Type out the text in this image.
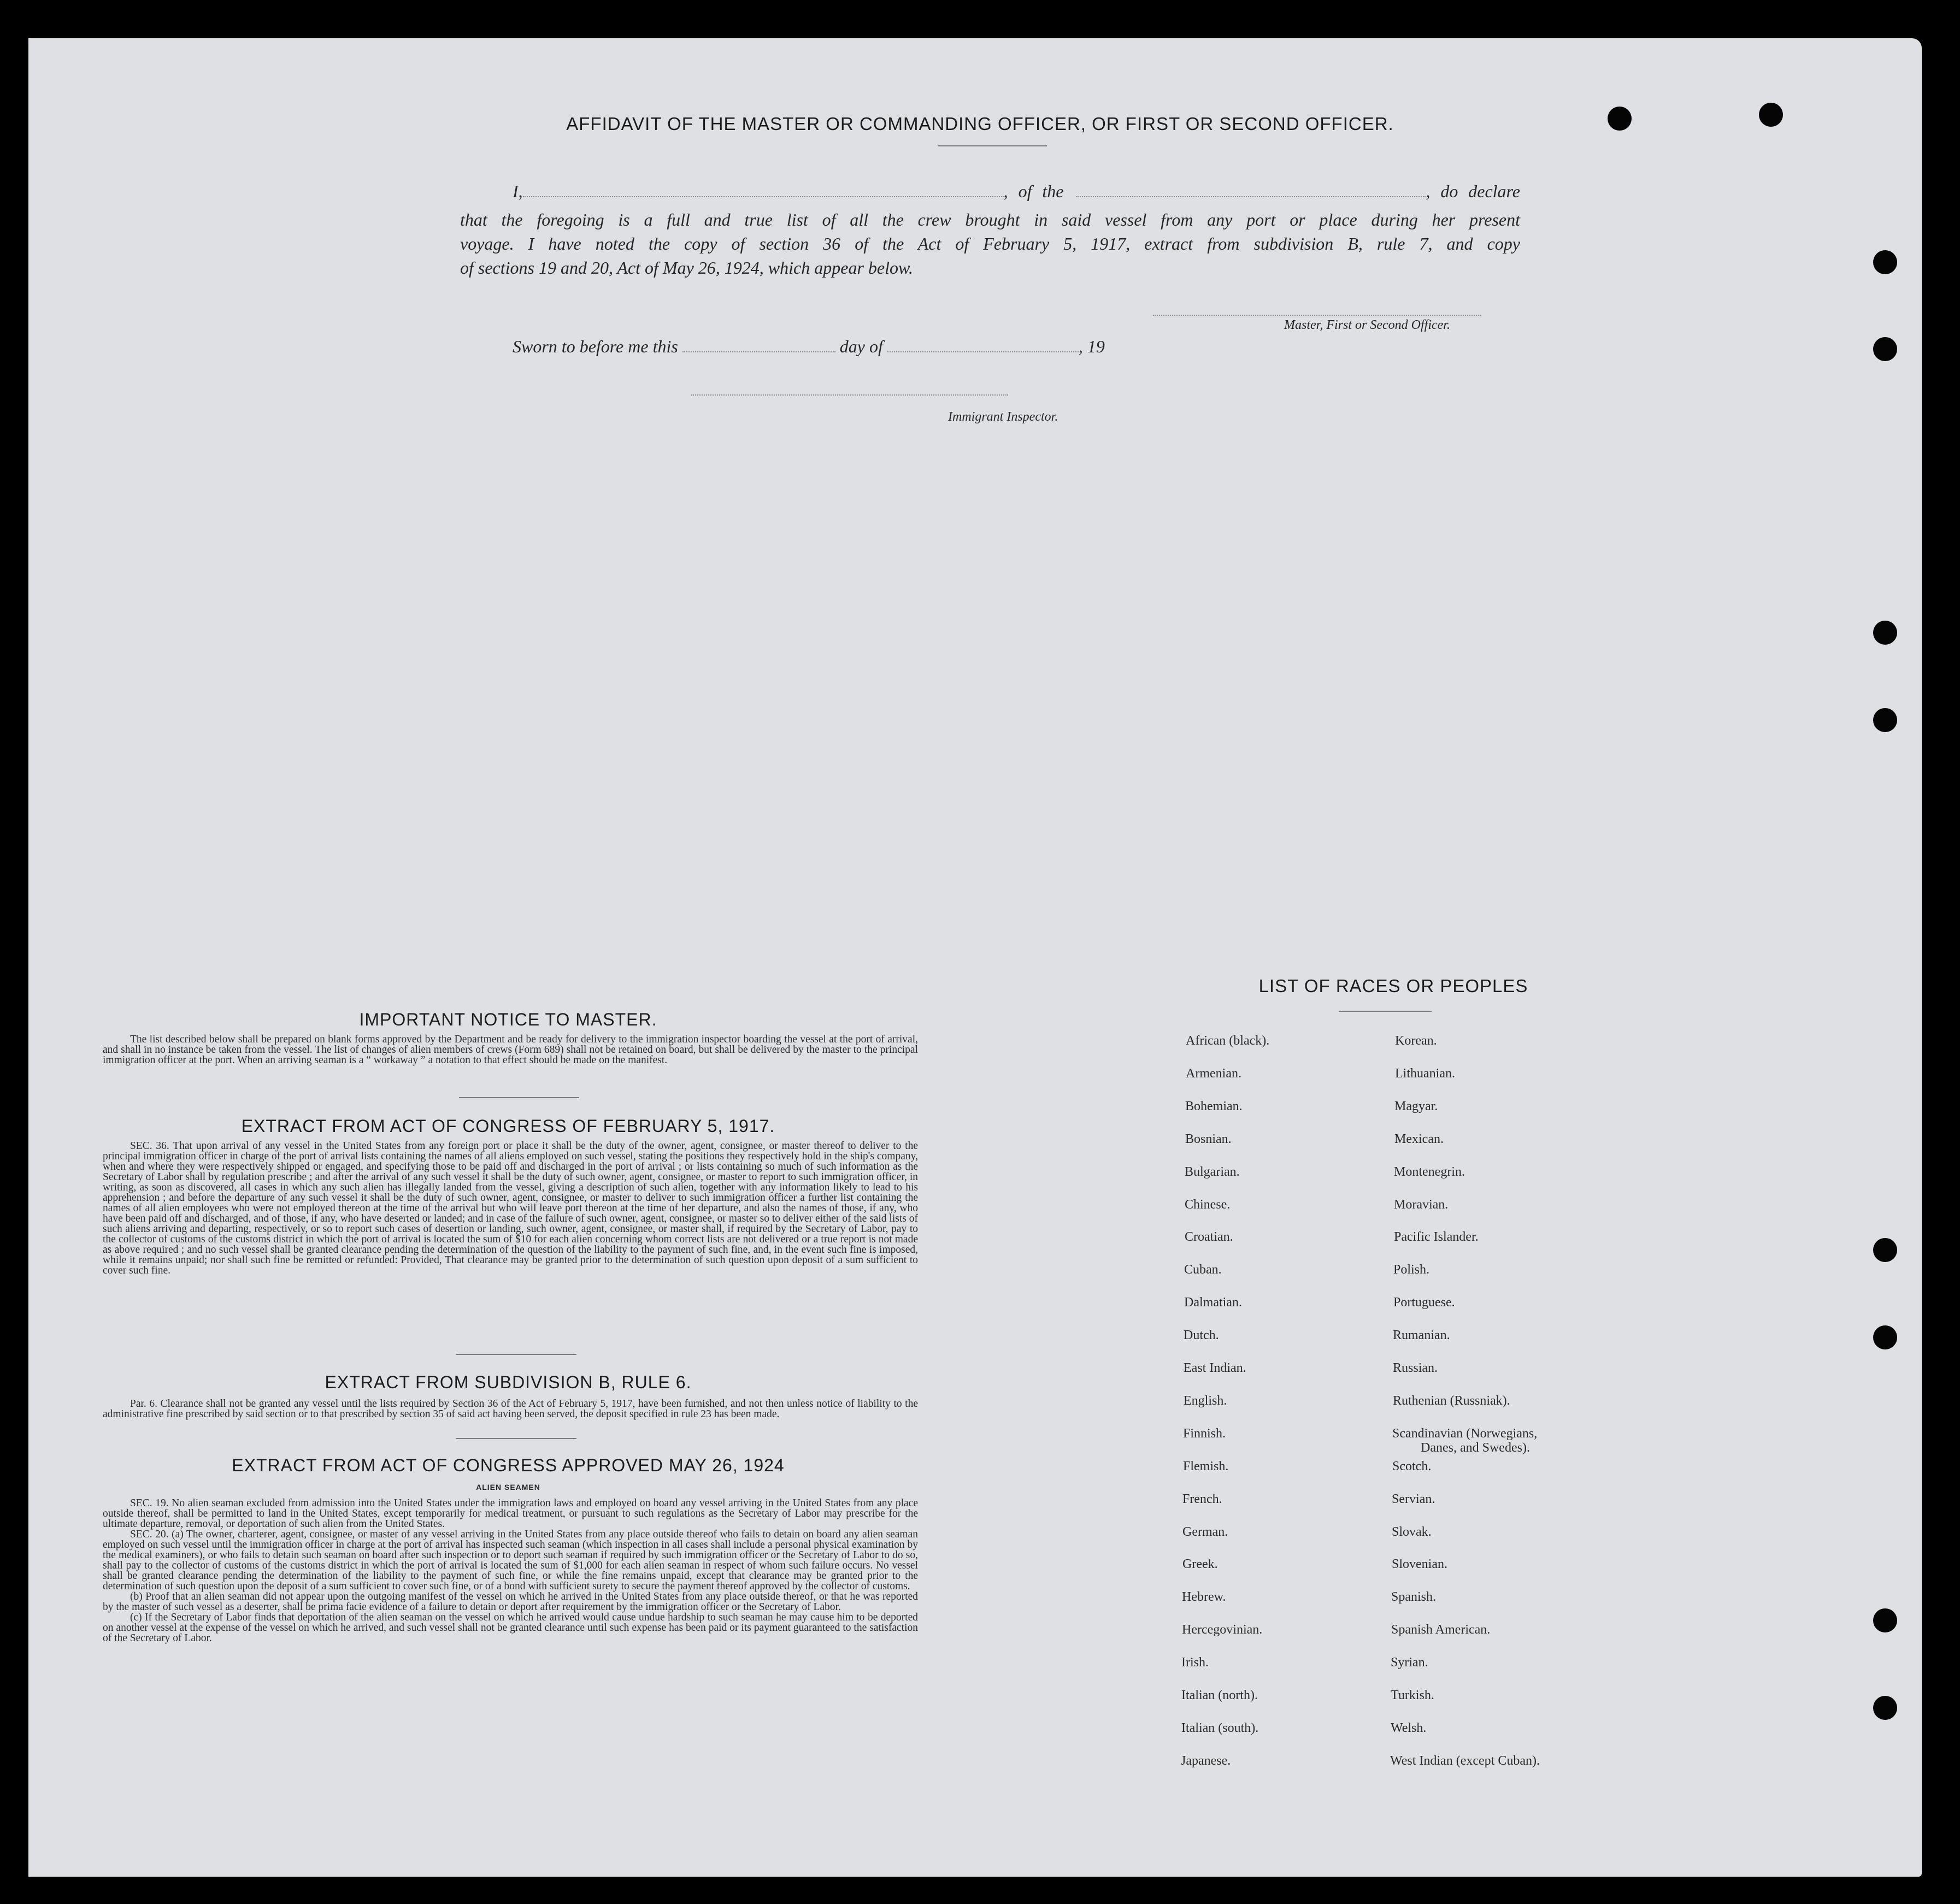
AFFIDAVIT OF THE MASTER OR COMMANDING OFFICER, OR FIRST OR SECOND OFFICER.
I,	, of the	, do declare
that the foregoing is a full and true list of all the crew brought in said vessel from any port or place during her present
voyage. I have noted the copy of section 36 of the Act of February 5, 1917, extract from subdivision B, rule 7, and copy
of sections 19 and 20, Act of May 26, 1924, which appear below.
Master, First or Second Officer.
Sworn to before me this	day of	, 19
Immigrant Inspector.
IMPORTANT NOTICE TO MASTER.

The list described below shall be prepared on blank forms approved by the Department and be ready for delivery to the immigration inspector boarding the vessel at the port of arrival, and shall in no instance be taken from the vessel. The list of changes of alien members of crews (Form 689) shall not be retained on board, but shall be delivered by the master to the principal immigration officer at the port. When an arriving seaman is a “ workaway ” a notation to that effect should be made on the manifest.

EXTRACT FROM ACT OF CONGRESS OF FEBRUARY 5, 1917.

SEC. 36. That upon arrival of any vessel in the United States from any foreign port or place it shall be the duty of the owner, agent, consignee, or master thereof to deliver to the principal immigration officer in charge of the port of arrival lists containing the names of all aliens employed on such vessel, stating the positions they respectively hold in the ship's company, when and where they were respectively shipped or engaged, and specifying those to be paid off and discharged in the port of arrival ; or lists containing so much of such information as the Secretary of Labor shall by regulation prescribe ; and after the arrival of any such vessel it shall be the duty of such owner, agent, consignee, or master to report to such immigration officer, in writing, as soon as discovered, all cases in which any such alien has illegally landed from the vessel, giving a description of such alien, together with any information likely to lead to his apprehension ; and before the departure of any such vessel it shall be the duty of such owner, agent, consignee, or master to deliver to such immigration officer a further list containing the names of all alien employees who were not employed thereon at the time of the arrival but who will leave port thereon at the time of her departure, and also the names of those, if any, who have been paid off and discharged, and of those, if any, who have deserted or landed; and in case of the failure of such owner, agent, consignee, or master so to deliver either of the said lists of such aliens arriving and departing, respectively, or so to report such cases of desertion or landing, such owner, agent, consignee, or master shall, if required by the Secretary of Labor, pay to the collector of customs of the customs district in which the port of arrival is located the sum of $10 for each alien concerning whom correct lists are not delivered or a true report is not made as above required ; and no such vessel shall be granted clearance pending the determination of the question of the liability to the payment of such fine, and, in the event such fine is imposed, while it remains unpaid; nor shall such fine be remitted or refunded: Provided, That clearance may be granted prior to the determination of such question upon deposit of a sum sufficient to cover such fine.

EXTRACT FROM SUBDIVISION B, RULE 6.

Par. 6. Clearance shall not be granted any vessel until the lists required by Section 36 of the Act of February 5, 1917, have been furnished, and not then unless notice of liability to the administrative fine prescribed by said section or to that prescribed by section 35 of said act having been served, the deposit specified in rule 23 has been made.

EXTRACT FROM ACT OF CONGRESS APPROVED MAY 26, 1924
ALIEN SEAMEN

SEC. 19. No alien seaman excluded from admission into the United States under the immigration laws and employed on board any vessel arriving in the United States from any place outside thereof, shall be permitted to land in the United States, except temporarily for medical treatment, or pursuant to such regulations as the Secretary of Labor may prescribe for the ultimate departure, removal, or deportation of such alien from the United States.

SEC. 20. (a) The owner, charterer, agent, consignee, or master of any vessel arriving in the United States from any place outside thereof who fails to detain on board any alien seaman employed on such vessel until the immigration officer in charge at the port of arrival has inspected such seaman (which inspection in all cases shall include a personal physical examination by the medical examiners), or who fails to detain such seaman on board after such inspection or to deport such seaman if required by such immigration officer or the Secretary of Labor to do so, shall pay to the collector of customs of the customs district in which the port of arrival is located the sum of $1,000 for each alien seaman in respect of whom such failure occurs. No vessel shall be granted clearance pending the determination of the liability to the payment of such fine, or while the fine remains unpaid, except that clearance may be granted prior to the determination of such question upon the deposit of a sum sufficient to cover such fine, or of a bond with sufficient surety to secure the payment thereof approved by the collector of customs.

(b) Proof that an alien seaman did not appear upon the outgoing manifest of the vessel on which he arrived in the United States from any place outside thereof, or that he was reported by the master of such vessel as a deserter, shall be prima facie evidence of a failure to detain or deport after requirement by the immigration officer or the Secretary of Labor.

(c) If the Secretary of Labor finds that deportation of the alien seaman on the vessel on which he arrived would cause undue hardship to such seaman he may cause him to be deported on another vessel at the expense of the vessel on which he arrived, and such vessel shall not be granted clearance until such expense has been paid or its payment guaranteed to the satisfaction of the Secretary of Labor.

LIST OF RACES OR PEOPLES
African (black).	Korean.
Armenian.	Lithuanian.
Bohemian.	Magyar.
Bosnian.	Mexican.
Bulgarian.	Montenegrin.
Chinese.	Moravian.
Croatian.	Pacific Islander.
Cuban.	Polish.
Dalmatian.	Portuguese.
Dutch.	Rumanian.
East Indian.	Russian.
English.	Ruthenian (Russniak).
Finnish.	Scandinavian (Norwegians,
Danes, and Swedes).
Flemish.	Scotch.
French.	Servian.
German.	Slovak.
Greek.	Slovenian.
Hebrew.	Spanish.
Hercegovinian.	Spanish American.
Irish.	Syrian.
Italian (north).	Turkish.
Italian (south).	Welsh.
Japanese.	West Indian (except Cuban).
